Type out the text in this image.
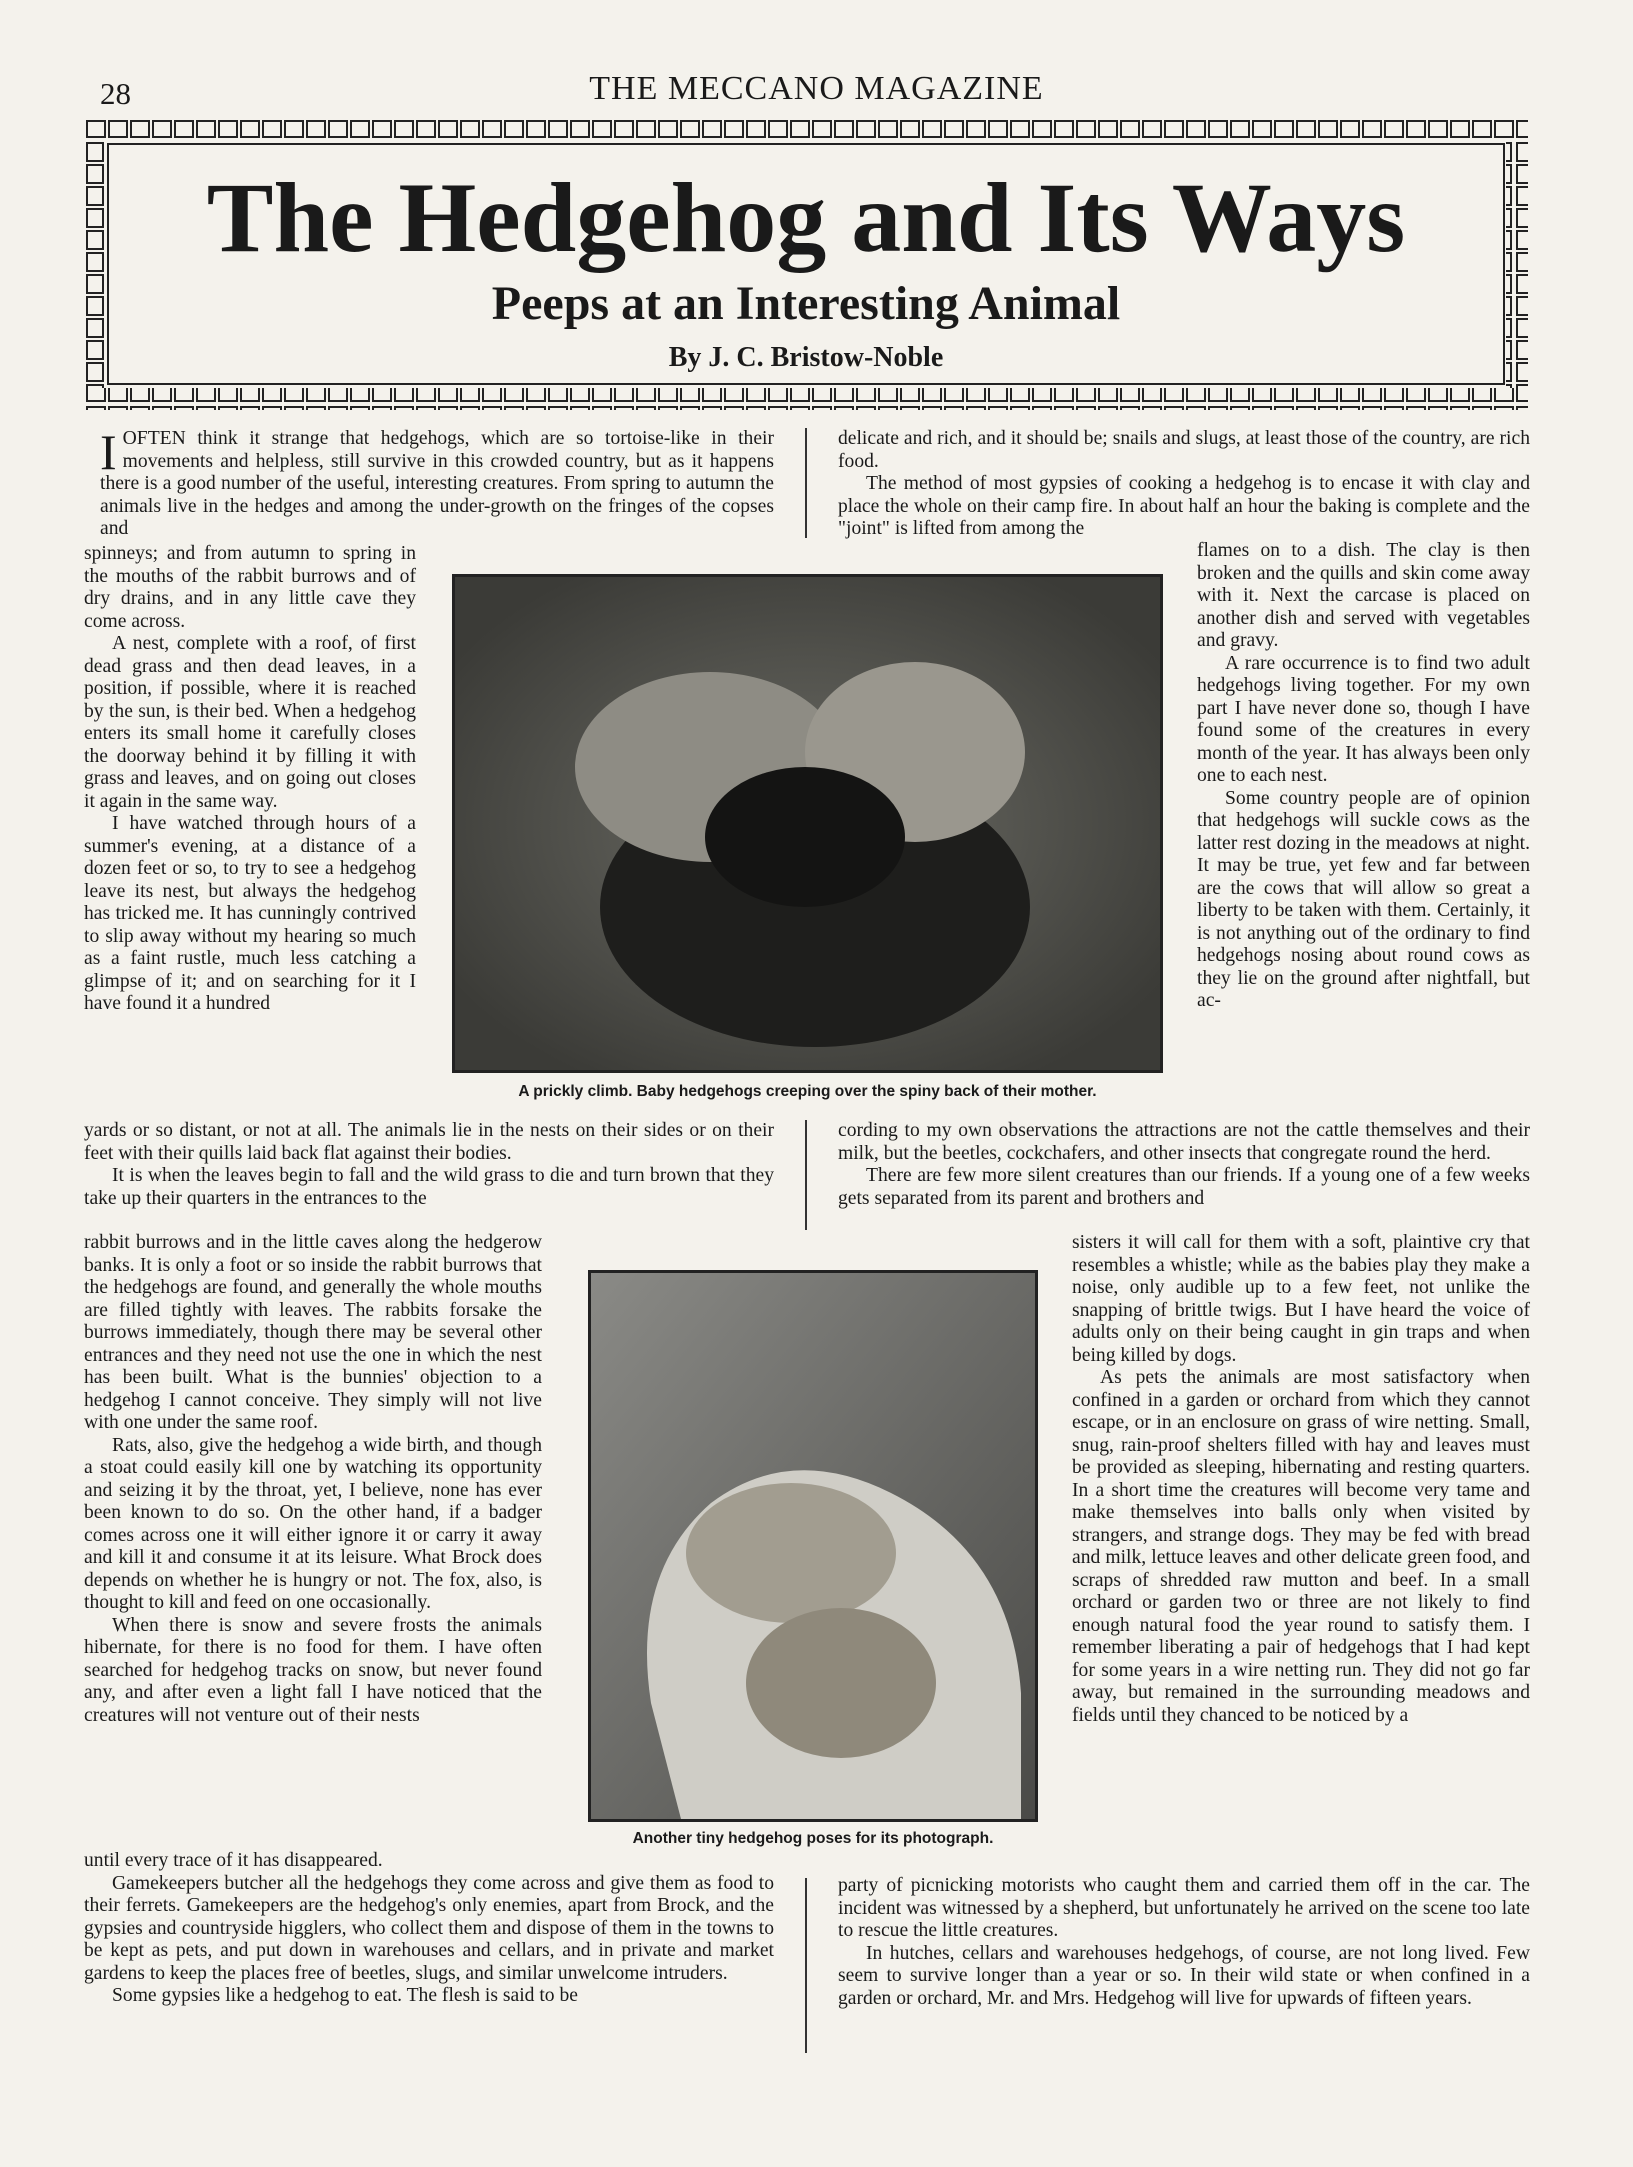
28	THE MECCANO MAGAZINE
The Hedgehog and Its Ways
Peeps at an Interesting Animal
By J. C. Bristow-Noble

I OFTEN think it strange that hedgehogs, which are so tortoise-like in their movements and helpless, still survive in this crowded country, but as it happens there is a good number of the useful, interesting creatures. From spring to autumn the animals live in the hedges and among the under-growth on the fringes of the copses and

spinneys; and from autumn to spring in the mouths of the rabbit burrows and of dry drains, and in any little cave they come across.

A nest, complete with a roof, of first dead grass and then dead leaves, in a position, if possible, where it is reached by the sun, is their bed. When a hedgehog enters its small home it carefully closes the doorway behind it by filling it with grass and leaves, and on going out closes it again in the same way.

I have watched through hours of a summer's evening, at a distance of a dozen feet or so, to try to see a hedgehog leave its nest, but always the hedgehog has tricked me. It has cunningly contrived to slip away without my hearing so much as a faint rustle, much less catching a glimpse of it; and on searching for it I have found it a hundred

A prickly climb. Baby hedgehogs creeping over the spiny back of their mother.

yards or so distant, or not at all. The animals lie in the nests on their sides or on their feet with their quills laid back flat against their bodies.

It is when the leaves begin to fall and the wild grass to die and turn brown that they take up their quarters in the entrances to the

rabbit burrows and in the little caves along the hedgerow banks. It is only a foot or so inside the rabbit burrows that the hedgehogs are found, and generally the whole mouths are filled tightly with leaves. The rabbits forsake the burrows immediately, though there may be several other entrances and they need not use the one in which the nest has been built. What is the bunnies' objection to a hedgehog I cannot conceive. They simply will not live with one under the same roof.

Rats, also, give the hedgehog a wide birth, and though a stoat could easily kill one by watching its opportunity and seizing it by the throat, yet, I believe, none has ever been known to do so. On the other hand, if a badger comes across one it will either ignore it or carry it away and kill it and consume it at its leisure. What Brock does depends on whether he is hungry or not. The fox, also, is thought to kill and feed on one occasionally.

When there is snow and severe frosts the animals hibernate, for there is no food for them. I have often searched for hedgehog tracks on snow, but never found any, and after even a light fall I have noticed that the creatures will not venture out of their nests

Another tiny hedgehog poses for its photograph.

until every trace of it has disappeared.

Gamekeepers butcher all the hedgehogs they come across and give them as food to their ferrets. Gamekeepers are the hedgehog's only enemies, apart from Brock, and the gypsies and countryside higglers, who collect them and dispose of them in the towns to be kept as pets, and put down in warehouses and cellars, and in private and market gardens to keep the places free of beetles, slugs, and similar unwelcome intruders.

Some gypsies like a hedgehog to eat. The flesh is said to be

delicate and rich, and it should be; snails and slugs, at least those of the country, are rich food.

The method of most gypsies of cooking a hedgehog is to encase it with clay and place the whole on their camp fire. In about half an hour the baking is complete and the "joint" is lifted from among the

flames on to a dish. The clay is then broken and the quills and skin come away with it. Next the carcase is placed on another dish and served with vegetables and gravy.

A rare occurrence is to find two adult hedgehogs living together. For my own part I have never done so, though I have found some of the creatures in every month of the year. It has always been only one to each nest.

Some country people are of opinion that hedgehogs will suckle cows as the latter rest dozing in the meadows at night. It may be true, yet few and far between are the cows that will allow so great a liberty to be taken with them. Certainly, it is not anything out of the ordinary to find hedgehogs nosing about round cows as they lie on the ground after nightfall, but ac-

cording to my own observations the attractions are not the cattle themselves and their milk, but the beetles, cockchafers, and other insects that congregate round the herd.

There are few more silent creatures than our friends. If a young one of a few weeks gets separated from its parent and brothers and

sisters it will call for them with a soft, plaintive cry that resembles a whistle; while as the babies play they make a noise, only audible up to a few feet, not unlike the snapping of brittle twigs. But I have heard the voice of adults only on their being caught in gin traps and when being killed by dogs.

As pets the animals are most satisfactory when confined in a garden or orchard from which they cannot escape, or in an enclosure on grass of wire netting. Small, snug, rain-proof shelters filled with hay and leaves must be provided as sleeping, hibernating and resting quarters. In a short time the creatures will become very tame and make themselves into balls only when visited by strangers, and strange dogs. They may be fed with bread and milk, lettuce leaves and other delicate green food, and scraps of shredded raw mutton and beef. In a small orchard or garden two or three are not likely to find enough natural food the year round to satisfy them. I remember liberating a pair of hedgehogs that I had kept for some years in a wire netting run. They did not go far away, but remained in the surrounding meadows and fields until they chanced to be noticed by a

party of picnicking motorists who caught them and carried them off in the car. The incident was witnessed by a shepherd, but unfortunately he arrived on the scene too late to rescue the little creatures.

In hutches, cellars and warehouses hedgehogs, of course, are not long lived. Few seem to survive longer than a year or so. In their wild state or when confined in a garden or orchard, Mr. and Mrs. Hedgehog will live for upwards of fifteen years.
